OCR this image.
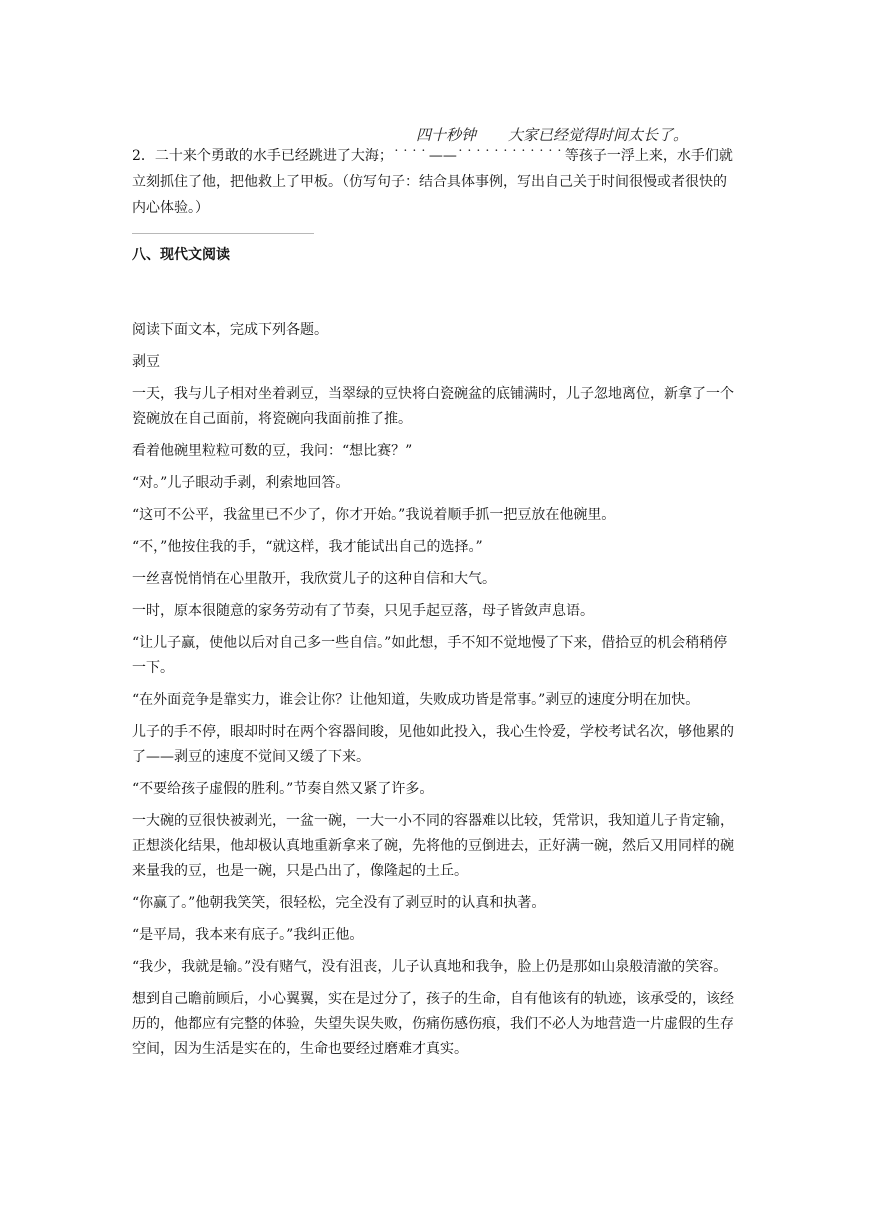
四十秒钟 大家已经觉得时间太长了。

2．二十来个勇敢的水手已经跳进了大海；˙˙˙˙——˙˙˙˙˙˙˙˙˙˙˙˙等孩子一浮上来，水手们就立刻抓住了他，把他救上了甲板。（仿写句子：结合具体事例，写出自己关于时间很慢或者很快的内心体验。）

八、现代文阅读

阅读下面文本，完成下列各题。

剥豆

一天，我与儿子相对坐着剥豆，当翠绿的豆快将白瓷碗盆的底铺满时，儿子忽地离位，新拿了一个瓷碗放在自己面前，将瓷碗向我面前推了推。

看着他碗里粒粒可数的豆，我问：“想比赛？”

“对。”儿子眼动手剥，利索地回答。

“这可不公平，我盆里已不少了，你才开始。”我说着顺手抓一把豆放在他碗里。

“不，”他按住我的手，“就这样，我才能试出自己的选择。”

一丝喜悦悄悄在心里散开，我欣赏儿子的这种自信和大气。

一时，原本很随意的家务劳动有了节奏，只见手起豆落，母子皆敛声息语。

“让儿子赢，使他以后对自己多一些自信。”如此想，手不知不觉地慢了下来，借拾豆的机会稍稍停一下。

“在外面竞争是靠实力，谁会让你？让他知道，失败成功皆是常事。”剥豆的速度分明在加快。

儿子的手不停，眼却时时在两个容器间睃，见他如此投入，我心生怜爱，学校考试名次，够他累的了——剥豆的速度不觉间又缓了下来。

“不要给孩子虚假的胜利。”节奏自然又紧了许多。

一大碗的豆很快被剥光，一盆一碗，一大一小不同的容器难以比较，凭常识，我知道儿子肯定输，正想淡化结果，他却极认真地重新拿来了碗，先将他的豆倒进去，正好满一碗，然后又用同样的碗来量我的豆，也是一碗，只是凸出了，像隆起的土丘。

“你赢了。”他朝我笑笑，很轻松，完全没有了剥豆时的认真和执著。

“是平局，我本来有底子。”我纠正他。

“我少，我就是输。”没有赌气，没有沮丧，儿子认真地和我争，脸上仍是那如山泉般清澈的笑容。

想到自己瞻前顾后，小心翼翼，实在是过分了，孩子的生命，自有他该有的轨迹，该承受的，该经历的，他都应有完整的体验，失望失误失败，伤痛伤感伤痕，我们不必人为地营造一片虚假的生存空间，因为生活是实在的，生命也要经过磨难才真实。
